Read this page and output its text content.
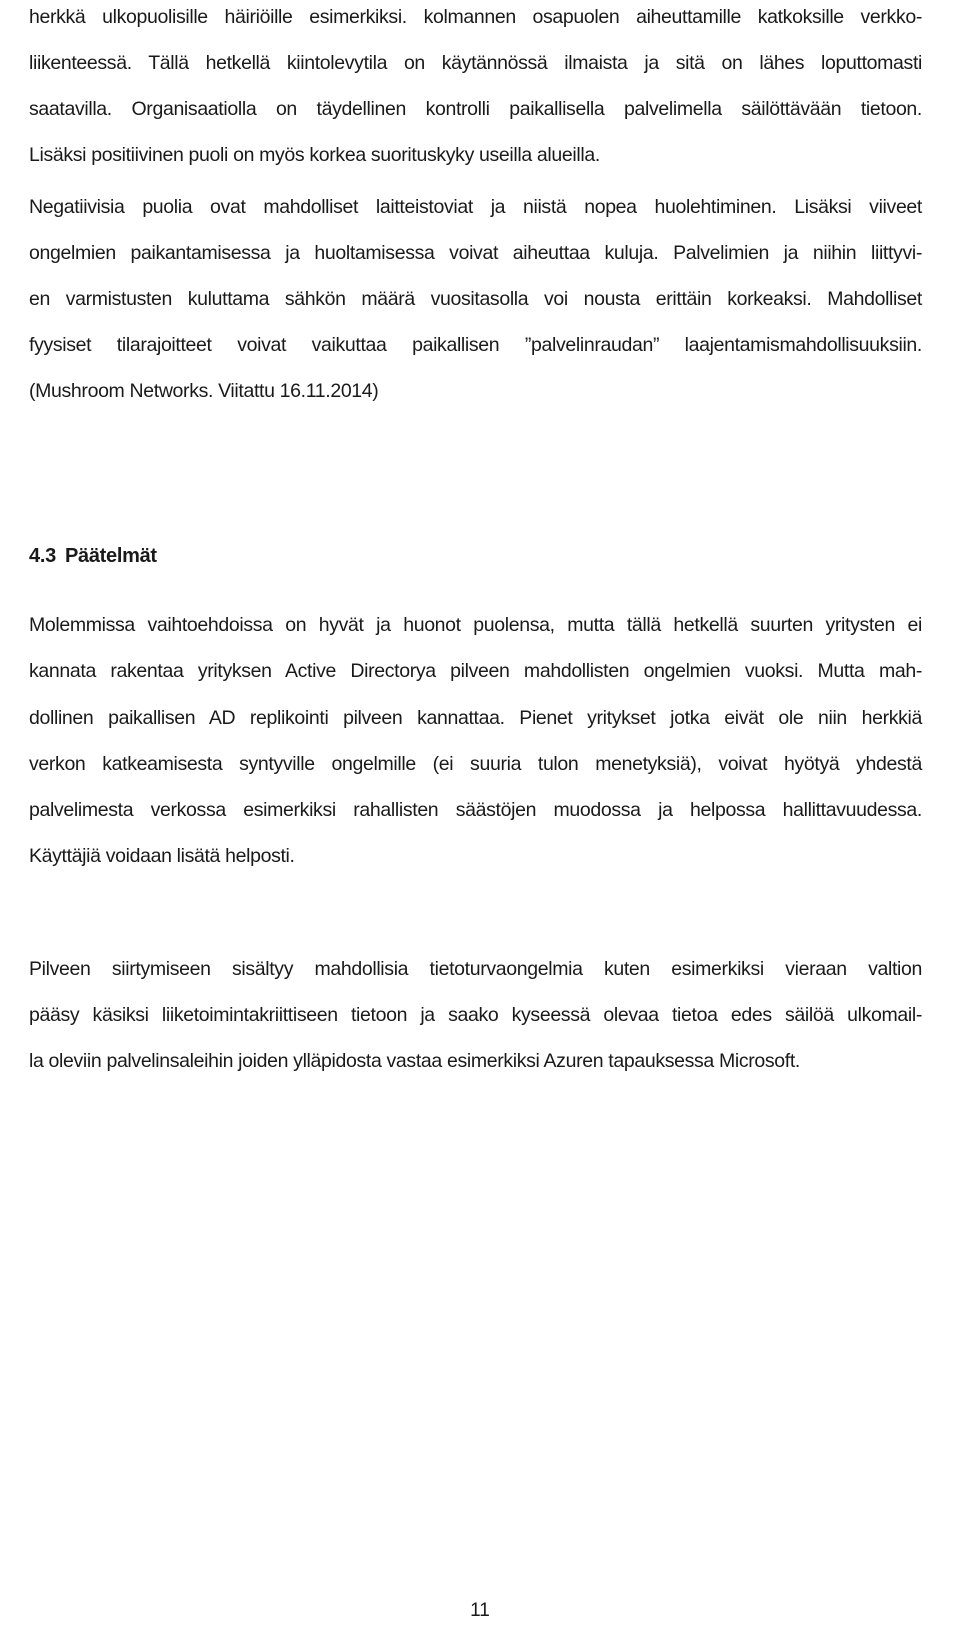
herkkä ulkopuolisille häiriöille esimerkiksi. kolmannen osapuolen aiheuttamille katkoksille verkko-
liikenteessä. Tällä hetkellä kiintolevytila on käytännössä ilmaista ja sitä on lähes loputtomasti
saatavilla. Organisaatiolla on täydellinen kontrolli paikallisella palvelimella säilöttävään tietoon.
Lisäksi positiivinen puoli on myös korkea suorituskyky useilla alueilla.
Negatiivisia puolia ovat mahdolliset laitteistoviat ja niistä nopea huolehtiminen. Lisäksi viiveet
ongelmien paikantamisessa ja huoltamisessa voivat aiheuttaa kuluja. Palvelimien ja niihin liittyvi-
en varmistusten kuluttama sähkön määrä vuositasolla voi nousta erittäin korkeaksi. Mahdolliset
fyysiset tilarajoitteet voivat vaikuttaa paikallisen ”palvelinraudan” laajentamismahdollisuuksiin.
(Mushroom Networks. Viitattu 16.11.2014)
4.3 Päätelmät
Molemmissa vaihtoehdoissa on hyvät ja huonot puolensa, mutta tällä hetkellä suurten yritysten ei
kannata rakentaa yrityksen Active Directorya pilveen mahdollisten ongelmien vuoksi. Mutta mah-
dollinen paikallisen AD replikointi pilveen kannattaa. Pienet yritykset jotka eivät ole niin herkkiä
verkon katkeamisesta syntyville ongelmille (ei suuria tulon menetyksiä), voivat hyötyä yhdestä
palvelimesta verkossa esimerkiksi rahallisten säästöjen muodossa ja helpossa hallittavuudessa.
Käyttäjiä voidaan lisätä helposti.
Pilveen siirtymiseen sisältyy mahdollisia tietoturvaongelmia kuten esimerkiksi vieraan valtion
pääsy käsiksi liiketoimintakriittiseen tietoon ja saako kyseessä olevaa tietoa edes säilöä ulkomail-
la oleviin palvelinsaleihin joiden ylläpidosta vastaa esimerkiksi Azuren tapauksessa Microsoft.
11
